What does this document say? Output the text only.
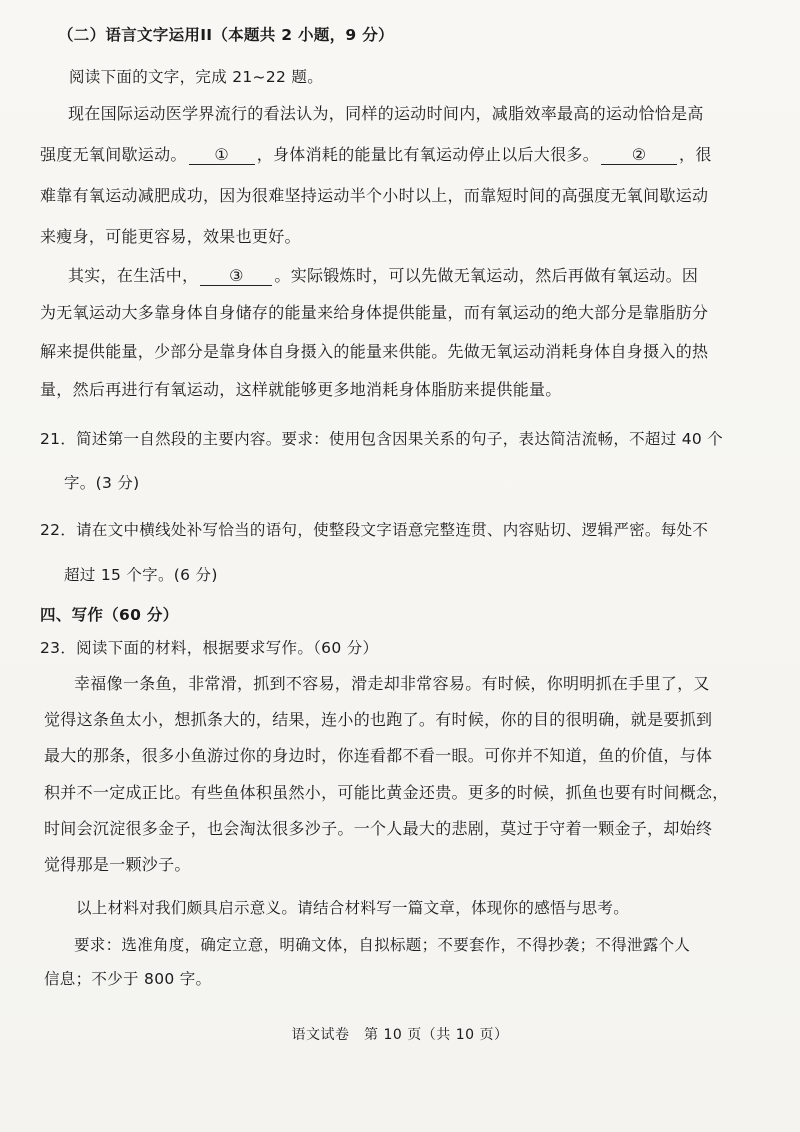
（二）语言文字运用II（本题共 2 小题，9 分）
阅读下面的文字，完成 21~22 题。
现在国际运动医学界流行的看法认为，同样的运动时间内，减脂效率最高的运动恰恰是高
强度无氧间歇运动。 ① ，身体消耗的能量比有氧运动停止以后大很多。 ② ，很
难靠有氧运动减肥成功，因为很难坚持运动半个小时以上，而靠短时间的高强度无氧间歇运动
来瘦身，可能更容易，效果也更好。
其实，在生活中， ③ 。实际锻炼时，可以先做无氧运动，然后再做有氧运动。因
为无氧运动大多靠身体自身储存的能量来给身体提供能量，而有氧运动的绝大部分是靠脂肪分
解来提供能量，少部分是靠身体自身摄入的能量来供能。先做无氧运动消耗身体自身摄入的热
量，然后再进行有氧运动，这样就能够更多地消耗身体脂肪来提供能量。
21．简述第一自然段的主要内容。要求：使用包含因果关系的句子，表达简洁流畅，不超过 40 个
字。(3 分)
22．请在文中横线处补写恰当的语句，使整段文字语意完整连贯、内容贴切、逻辑严密。每处不
超过 15 个字。(6 分)
四、写作（60 分）
23．阅读下面的材料，根据要求写作。（60 分）
幸福像一条鱼，非常滑，抓到不容易，滑走却非常容易。有时候，你明明抓在手里了，又
觉得这条鱼太小，想抓条大的，结果，连小的也跑了。有时候，你的目的很明确，就是要抓到
最大的那条，很多小鱼游过你的身边时，你连看都不看一眼。可你并不知道，鱼的价值，与体
积并不一定成正比。有些鱼体积虽然小，可能比黄金还贵。更多的时候，抓鱼也要有时间概念，
时间会沉淀很多金子，也会淘汰很多沙子。一个人最大的悲剧，莫过于守着一颗金子，却始终
觉得那是一颗沙子。
以上材料对我们颇具启示意义。请结合材料写一篇文章，体现你的感悟与思考。
要求：选准角度，确定立意，明确文体，自拟标题；不要套作，不得抄袭；不得泄露个人
信息；不少于 800 字。
语文试卷　第 10 页（共 10 页）
